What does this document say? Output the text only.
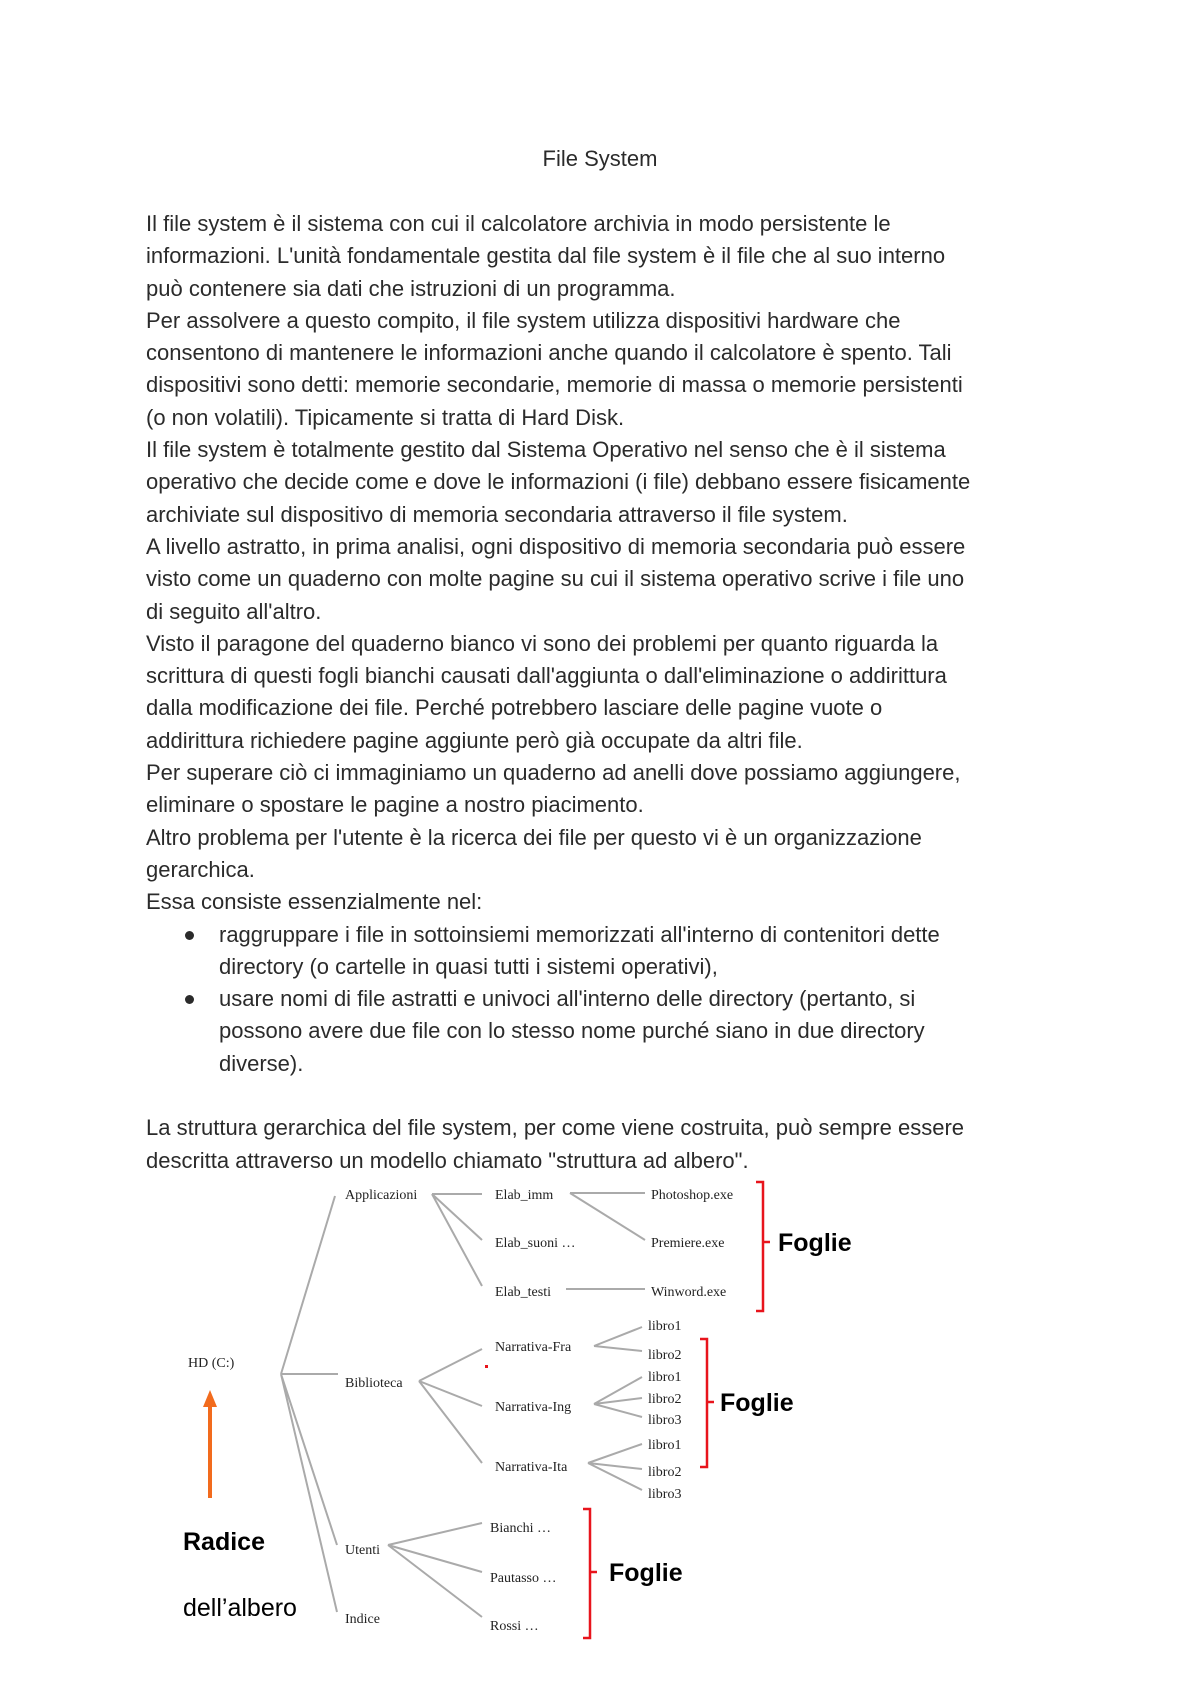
File System
Il file system è il sistema con cui il calcolatore archivia in modo persistente le
informazioni. L'unità fondamentale gestita dal file system è il file che al suo interno
può contenere sia dati che istruzioni di un programma.
Per assolvere a questo compito, il file system utilizza dispositivi hardware che
consentono di mantenere le informazioni anche quando il calcolatore è spento. Tali
dispositivi sono detti: memorie secondarie, memorie di massa o memorie persistenti
(o non volatili). Tipicamente si tratta di Hard Disk.
Il file system è totalmente gestito dal Sistema Operativo nel senso che è il sistema
operativo che decide come e dove le informazioni (i file) debbano essere fisicamente
archiviate sul dispositivo di memoria secondaria attraverso il file system.
A livello astratto, in prima analisi, ogni dispositivo di memoria secondaria può essere
visto come un quaderno con molte pagine su cui il sistema operativo scrive i file uno
di seguito all'altro.
Visto il paragone del quaderno bianco vi sono dei problemi per quanto riguarda la
scrittura di questi fogli bianchi causati dall'aggiunta o dall'eliminazione o addirittura
dalla modificazione dei file. Perché potrebbero lasciare delle pagine vuote o
addirittura richiedere pagine aggiunte però già occupate da altri file.
Per superare ciò ci immaginiamo un quaderno ad anelli dove possiamo aggiungere,
eliminare o spostare le pagine a nostro piacimento.
Altro problema per l'utente è la ricerca dei file per questo vi è un organizzazione
gerarchica.
Essa consiste essenzialmente nel:
raggruppare i file in sottoinsiemi memorizzati all'interno di contenitori dette
directory (o cartelle in quasi tutti i sistemi operativi),
usare nomi di file astratti e univoci all'interno delle directory (pertanto, si
possono avere due file con lo stesso nome purché siano in due directory
diverse).
La struttura gerarchica del file system, per come viene costruita, può sempre essere
descritta attraverso un modello chiamato "struttura ad albero".
HD (C:)
Applicazioni
Biblioteca
Utenti
Indice
Elab_imm
Elab_suoni …
Elab_testi
Photoshop.exe
Premiere.exe
Winword.exe
Narrativa-Fra
Narrativa-Ing
Narrativa-Ita
libro1
libro2
libro1
libro2
libro3
libro1
libro2
libro3
Bianchi …
Pautasso …
Rossi …
Foglie
Foglie
Foglie
Radice
dell’albero
